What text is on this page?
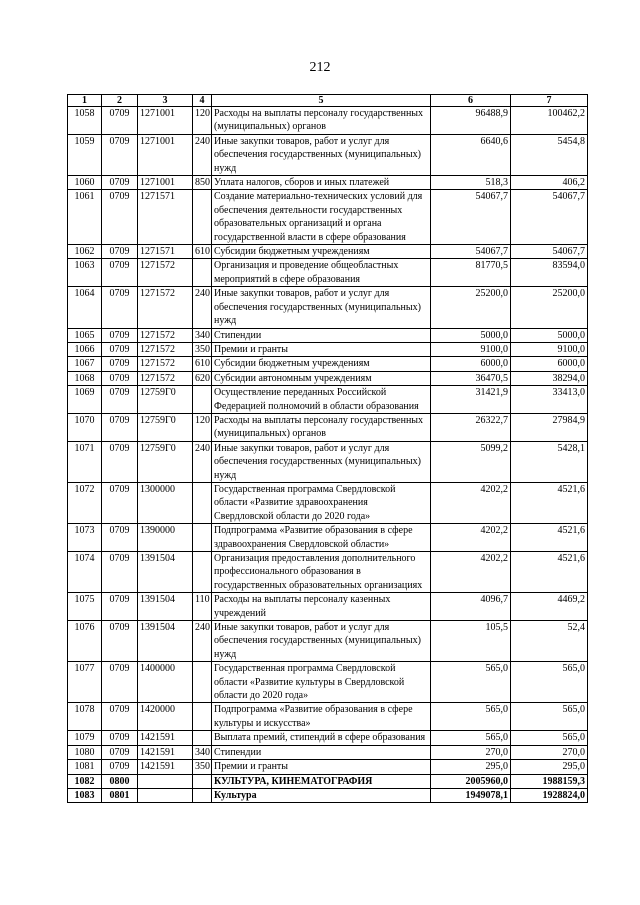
212
1	2	3	4	5	6	7
1058	0709	1271001	120	Расходы на выплаты персоналу государственных (муниципальных) органов	96488,9	100462,2
1059	0709	1271001	240	Иные закупки товаров, работ и услуг для обеспечения государственных (муниципальных) нужд	6640,6	5454,8
1060	0709	1271001	850	Уплата налогов, сборов и иных платежей	518,3	406,2
1061	0709	1271571		Создание материально-технических условий для обеспечения деятельности государственных образовательных организаций и органа государственной власти в сфере образования	54067,7	54067,7
1062	0709	1271571	610	Субсидии бюджетным учреждениям	54067,7	54067,7
1063	0709	1271572		Организация и проведение общеобластных мероприятий в сфере образования	81770,5	83594,0
1064	0709	1271572	240	Иные закупки товаров, работ и услуг для обеспечения государственных (муниципальных) нужд	25200,0	25200,0
1065	0709	1271572	340	Стипендии	5000,0	5000,0
1066	0709	1271572	350	Премии и гранты	9100,0	9100,0
1067	0709	1271572	610	Субсидии бюджетным учреждениям	6000,0	6000,0
1068	0709	1271572	620	Субсидии автономным учреждениям	36470,5	38294,0
1069	0709	12759Г0		Осуществление переданных Российской Федерацией полномочий в области образования	31421,9	33413,0
1070	0709	12759Г0	120	Расходы на выплаты персоналу государственных (муниципальных) органов	26322,7	27984,9
1071	0709	12759Г0	240	Иные закупки товаров, работ и услуг для обеспечения государственных (муниципальных) нужд	5099,2	5428,1
1072	0709	1300000		Государственная программа Свердловской области «Развитие здравоохранения Свердловской области до 2020 года»	4202,2	4521,6
1073	0709	1390000		Подпрограмма «Развитие образования в сфере здравоохранения Свердловской области»	4202,2	4521,6
1074	0709	1391504		Организация предоставления дополнительного профессионального образования в государственных образовательных организациях	4202,2	4521,6
1075	0709	1391504	110	Расходы на выплаты персоналу казенных учреждений	4096,7	4469,2
1076	0709	1391504	240	Иные закупки товаров, работ и услуг для обеспечения государственных (муниципальных) нужд	105,5	52,4
1077	0709	1400000		Государственная программа Свердловской области «Развитие культуры в Свердловской области до 2020 года»	565,0	565,0
1078	0709	1420000		Подпрограмма «Развитие образования в сфере культуры и искусства»	565,0	565,0
1079	0709	1421591		Выплата премий, стипендий в сфере образования	565,0	565,0
1080	0709	1421591	340	Стипендии	270,0	270,0
1081	0709	1421591	350	Премии и гранты	295,0	295,0
1082	0800			КУЛЬТУРА, КИНЕМАТОГРАФИЯ	2005960,0	1988159,3
1083	0801			Культура	1949078,1	1928824,0
